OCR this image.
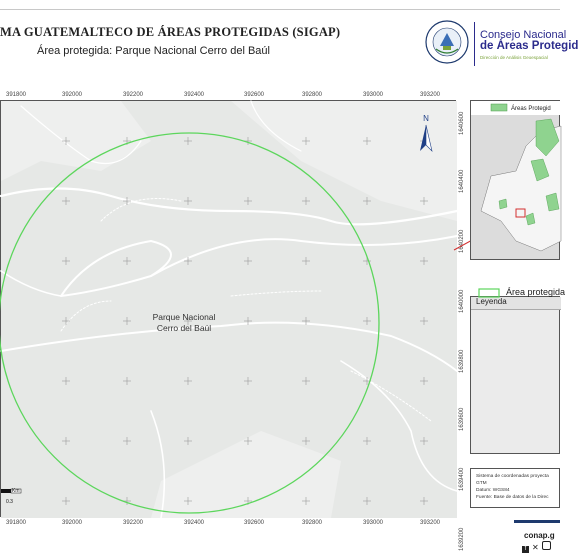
MA GUATEMALTECO DE ÁREAS PROTEGIDAS (SIGAP)
Área protegida: Parque Nacional Cerro del Baúl
Consejo Nacional
de Áreas Protegid
Dirección de Análisis Geoespacial
391800	392000	392200	392400	392600	392800	393000	393200
391800	392000	392200	392400	392600	392800	393000	393200
1640600
1640400
1640200
1640000
1639800
1639600
1639400
1639200
N
Parque Nacional
Cerro del Baúl
Km
0.3
Áreas Protegid
Leyenda
Área protegida
Sistema de coordenadas proyecta
GTM
Datum: WGS84
Fuente: Base de datos de la Direc
conap.g
f ✕
